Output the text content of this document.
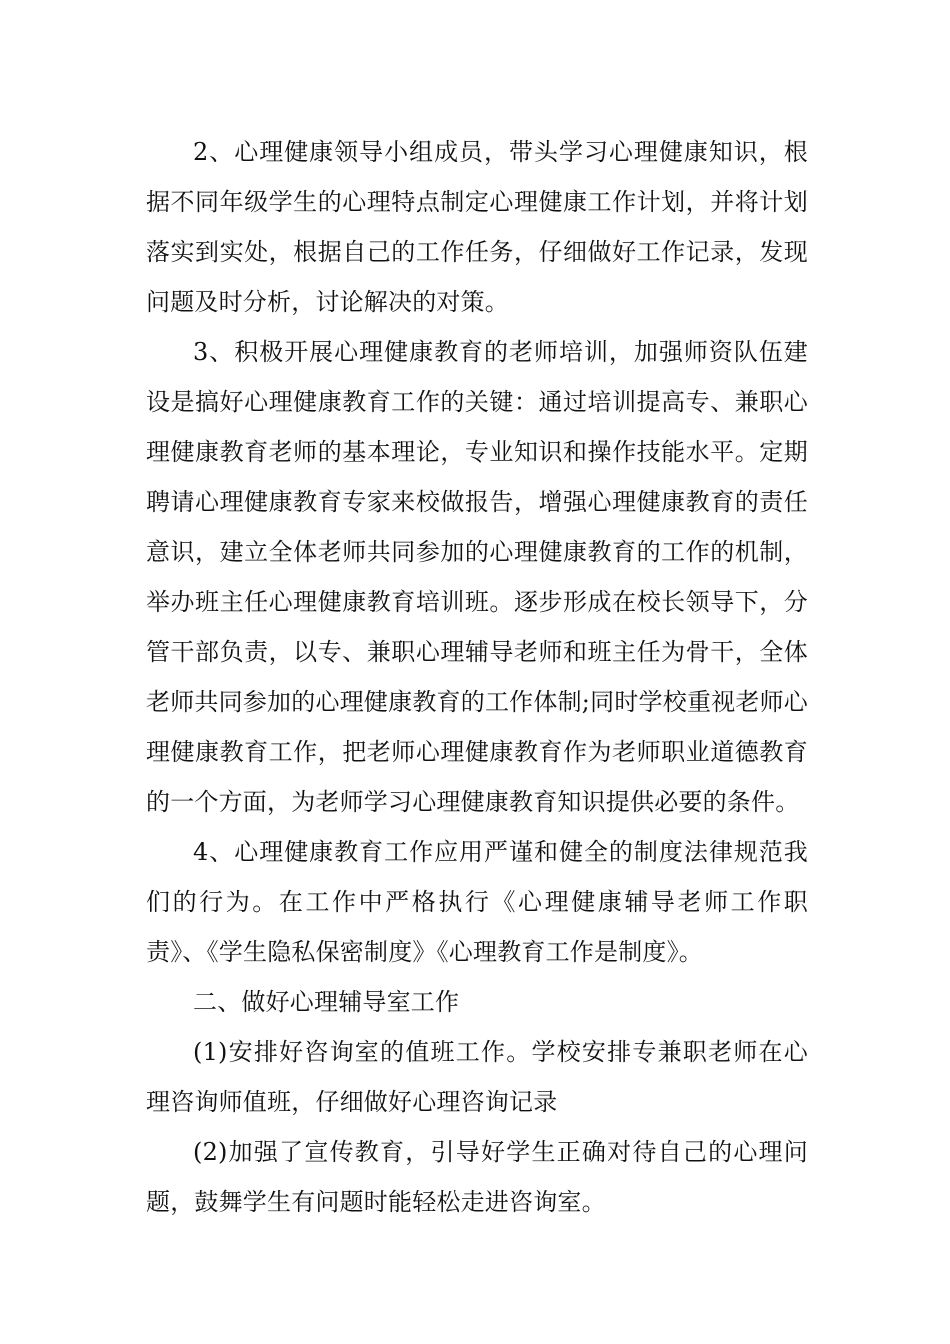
2、心理健康领导小组成员，带头学习心理健康知识，根据不同年级学生的心理特点制定心理健康工作计划，并将计划落实到实处，根据自己的工作任务，仔细做好工作记录，发现问题及时分析，讨论解决的对策。

3、积极开展心理健康教育的老师培训，加强师资队伍建设是搞好心理健康教育工作的关键：通过培训提高专、兼职心理健康教育老师的基本理论，专业知识和操作技能水平。定期聘请心理健康教育专家来校做报告，增强心理健康教育的责任意识，建立全体老师共同参加的心理健康教育的工作的机制，举办班主任心理健康教育培训班。逐步形成在校长领导下，分管干部负责，以专、兼职心理辅导老师和班主任为骨干，全体老师共同参加的心理健康教育的工作体制;同时学校重视老师心理健康教育工作，把老师心理健康教育作为老师职业道德教育的一个方面，为老师学习心理健康教育知识提供必要的条件。

4、心理健康教育工作应用严谨和健全的制度法律规范我们的行为。在工作中严格执行《心理健康辅导老师工作职责》、《学生隐私保密制度》《心理教育工作是制度》。

二、做好心理辅导室工作

(1)安排好咨询室的值班工作。学校安排专兼职老师在心理咨询师值班，仔细做好心理咨询记录

(2)加强了宣传教育，引导好学生正确对待自己的心理问题，鼓舞学生有问题时能轻松走进咨询室。
